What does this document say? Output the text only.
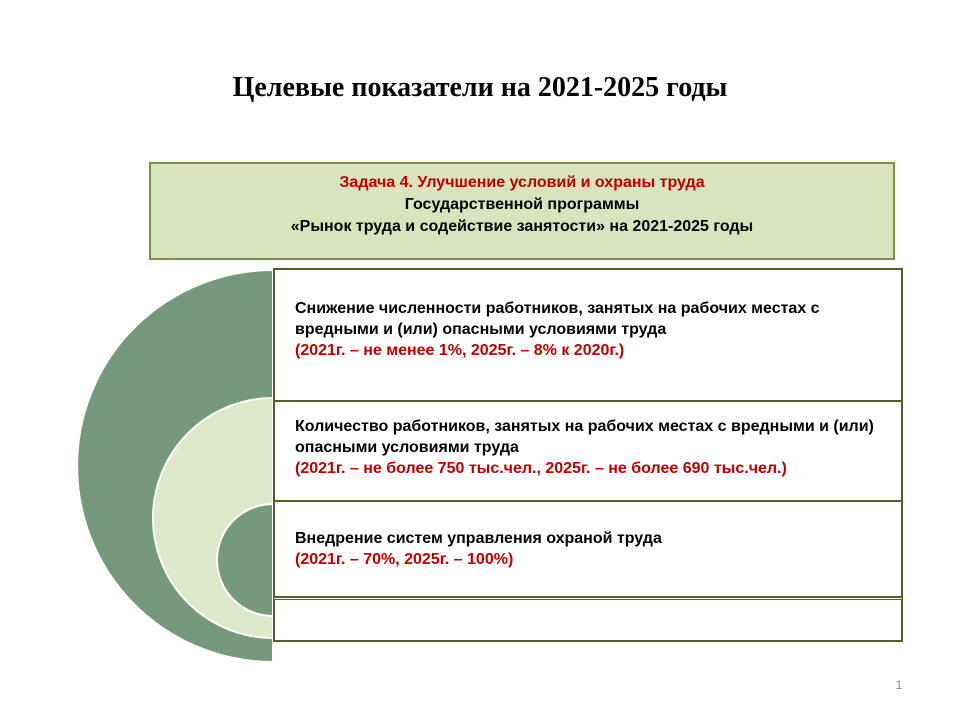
Целевые показатели на 2021-2025 годы
Задача 4. Улучшение условий и охраны труда
Государственной программы
«Рынок труда и содействие занятости» на 2021-2025 годы
Снижение численности работников, занятых на рабочих местах с вредными и (или) опасными условиями труда
(2021г. – не менее 1%, 2025г. – 8% к 2020г.)
Количество работников, занятых на рабочих местах с вредными и (или) опасными условиями труда
(2021г. – не более 750 тыс.чел., 2025г. – не более 690 тыс.чел.)
Внедрение систем управления охраной труда
(2021г. – 70%, 2025г. – 100%)
1
